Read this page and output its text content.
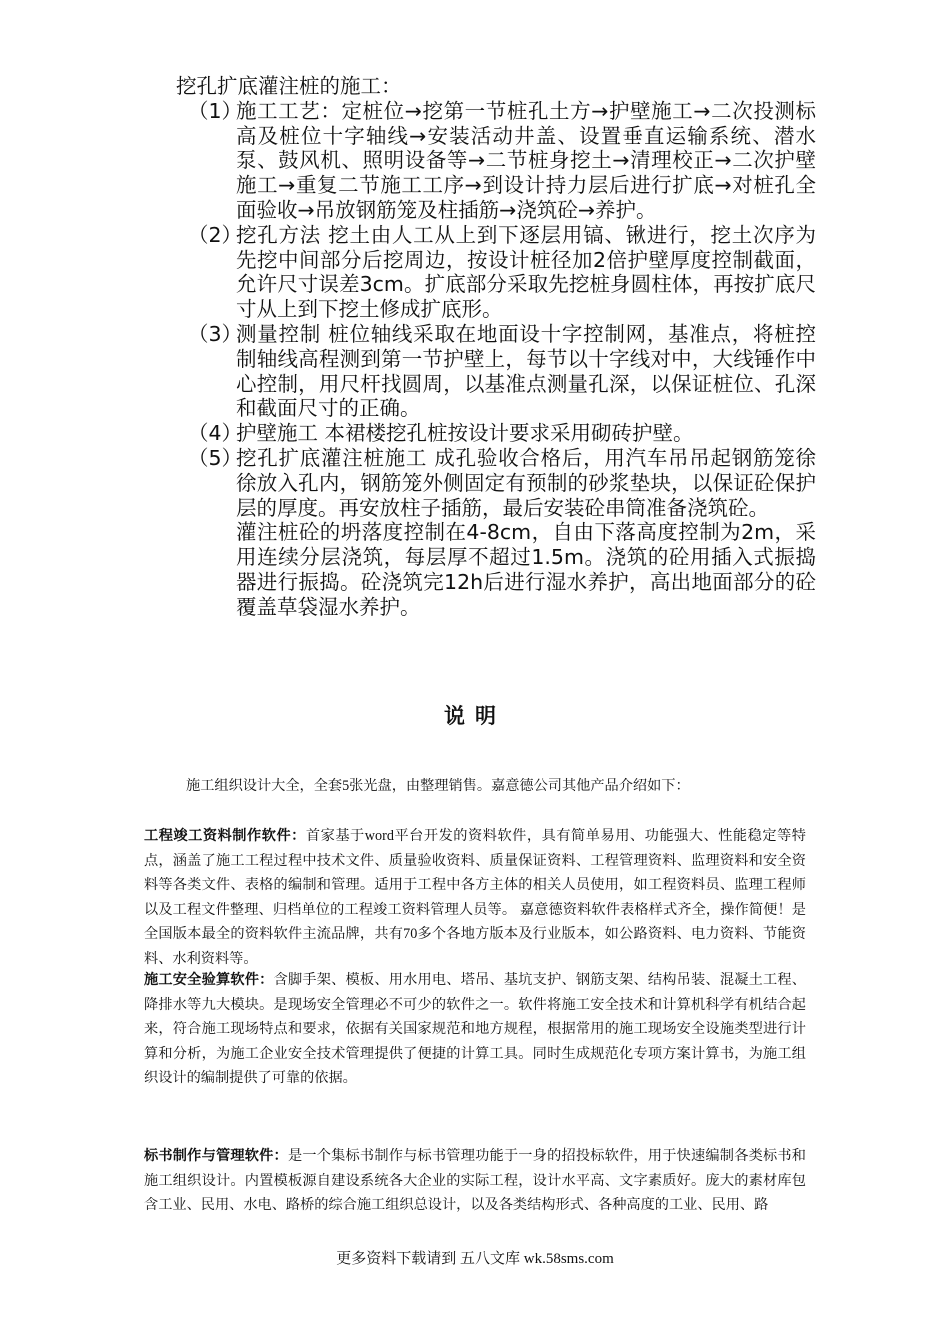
挖孔扩底灌注桩的施工：

（1）

施工工艺：定桩位→挖第一节桩孔土方→护壁施工→二次投测标高及桩位十字轴线→安装活动井盖、设置垂直运输系统、潜水泵、鼓风机、照明设备等→二节桩身挖土→清理校正→二次护壁施工→重复二节施工工序→到设计持力层后进行扩底→对桩孔全面验收→吊放钢筋笼及柱插筋→浇筑砼→养护。

（2）

挖孔方法 挖土由人工从上到下逐层用镐、锹进行，挖土次序为先挖中间部分后挖周边，按设计桩径加2倍护壁厚度控制截面，允许尺寸误差3cm。扩底部分采取先挖桩身圆柱体，再按扩底尺寸从上到下挖土修成扩底形。

（3）

测量控制 桩位轴线采取在地面设十字控制网，基准点，将桩控制轴线高程测到第一节护壁上，每节以十字线对中，大线锤作中心控制，用尺杆找圆周，以基准点测量孔深，以保证桩位、孔深和截面尺寸的正确。

（4）

护壁施工 本裙楼挖孔桩按设计要求采用砌砖护壁。

（5）

挖孔扩底灌注桩施工 成孔验收合格后，用汽车吊吊起钢筋笼徐徐放入孔内，钢筋笼外侧固定有预制的砂浆垫块，以保证砼保护层的厚度。再安放柱子插筋，最后安装砼串筒准备浇筑砼。

灌注桩砼的坍落度控制在4-8cm，自由下落高度控制为2m，采用连续分层浇筑，每层厚不超过1.5m。浇筑的砼用插入式振捣器进行振捣。砼浇筑完12h后进行湿水养护，高出地面部分的砼覆盖草袋湿水养护。

说明

施工组织设计大全，全套5张光盘，由整理销售。嘉意德公司其他产品介绍如下：

工程竣工资料制作软件：首家基于word平台开发的资料软件，具有简单易用、功能强大、性能稳定等特点，涵盖了施工工程过程中技术文件、质量验收资料、质量保证资料、工程管理资料、监理资料和安全资料等各类文件、表格的编制和管理。适用于工程中各方主体的相关人员使用，如工程资料员、监理工程师以及工程文件整理、归档单位的工程竣工资料管理人员等。 嘉意德资料软件表格样式齐全，操作简便！是全国版本最全的资料软件主流品牌，共有70多个各地方版本及行业版本，如公路资料、电力资料、节能资料、水利资料等。

施工安全验算软件：含脚手架、模板、用水用电、塔吊、基坑支护、钢筋支架、结构吊装、混凝土工程、降排水等九大模块。是现场安全管理必不可少的软件之一。软件将施工安全技术和计算机科学有机结合起来，符合施工现场特点和要求，依据有关国家规范和地方规程，根据常用的施工现场安全设施类型进行计算和分析，为施工企业安全技术管理提供了便捷的计算工具。同时生成规范化专项方案计算书，为施工组织设计的编制提供了可靠的依据。

标书制作与管理软件：是一个集标书制作与标书管理功能于一身的招投标软件，用于快速编制各类标书和施工组织设计。内置模板源自建设系统各大企业的实际工程，设计水平高、文字素质好。庞大的素材库包含工业、民用、水电、路桥的综合施工组织总设计，以及各类结构形式、各种高度的工业、民用、路

更多资料下载请到 五八文库 wk.58sms.com
